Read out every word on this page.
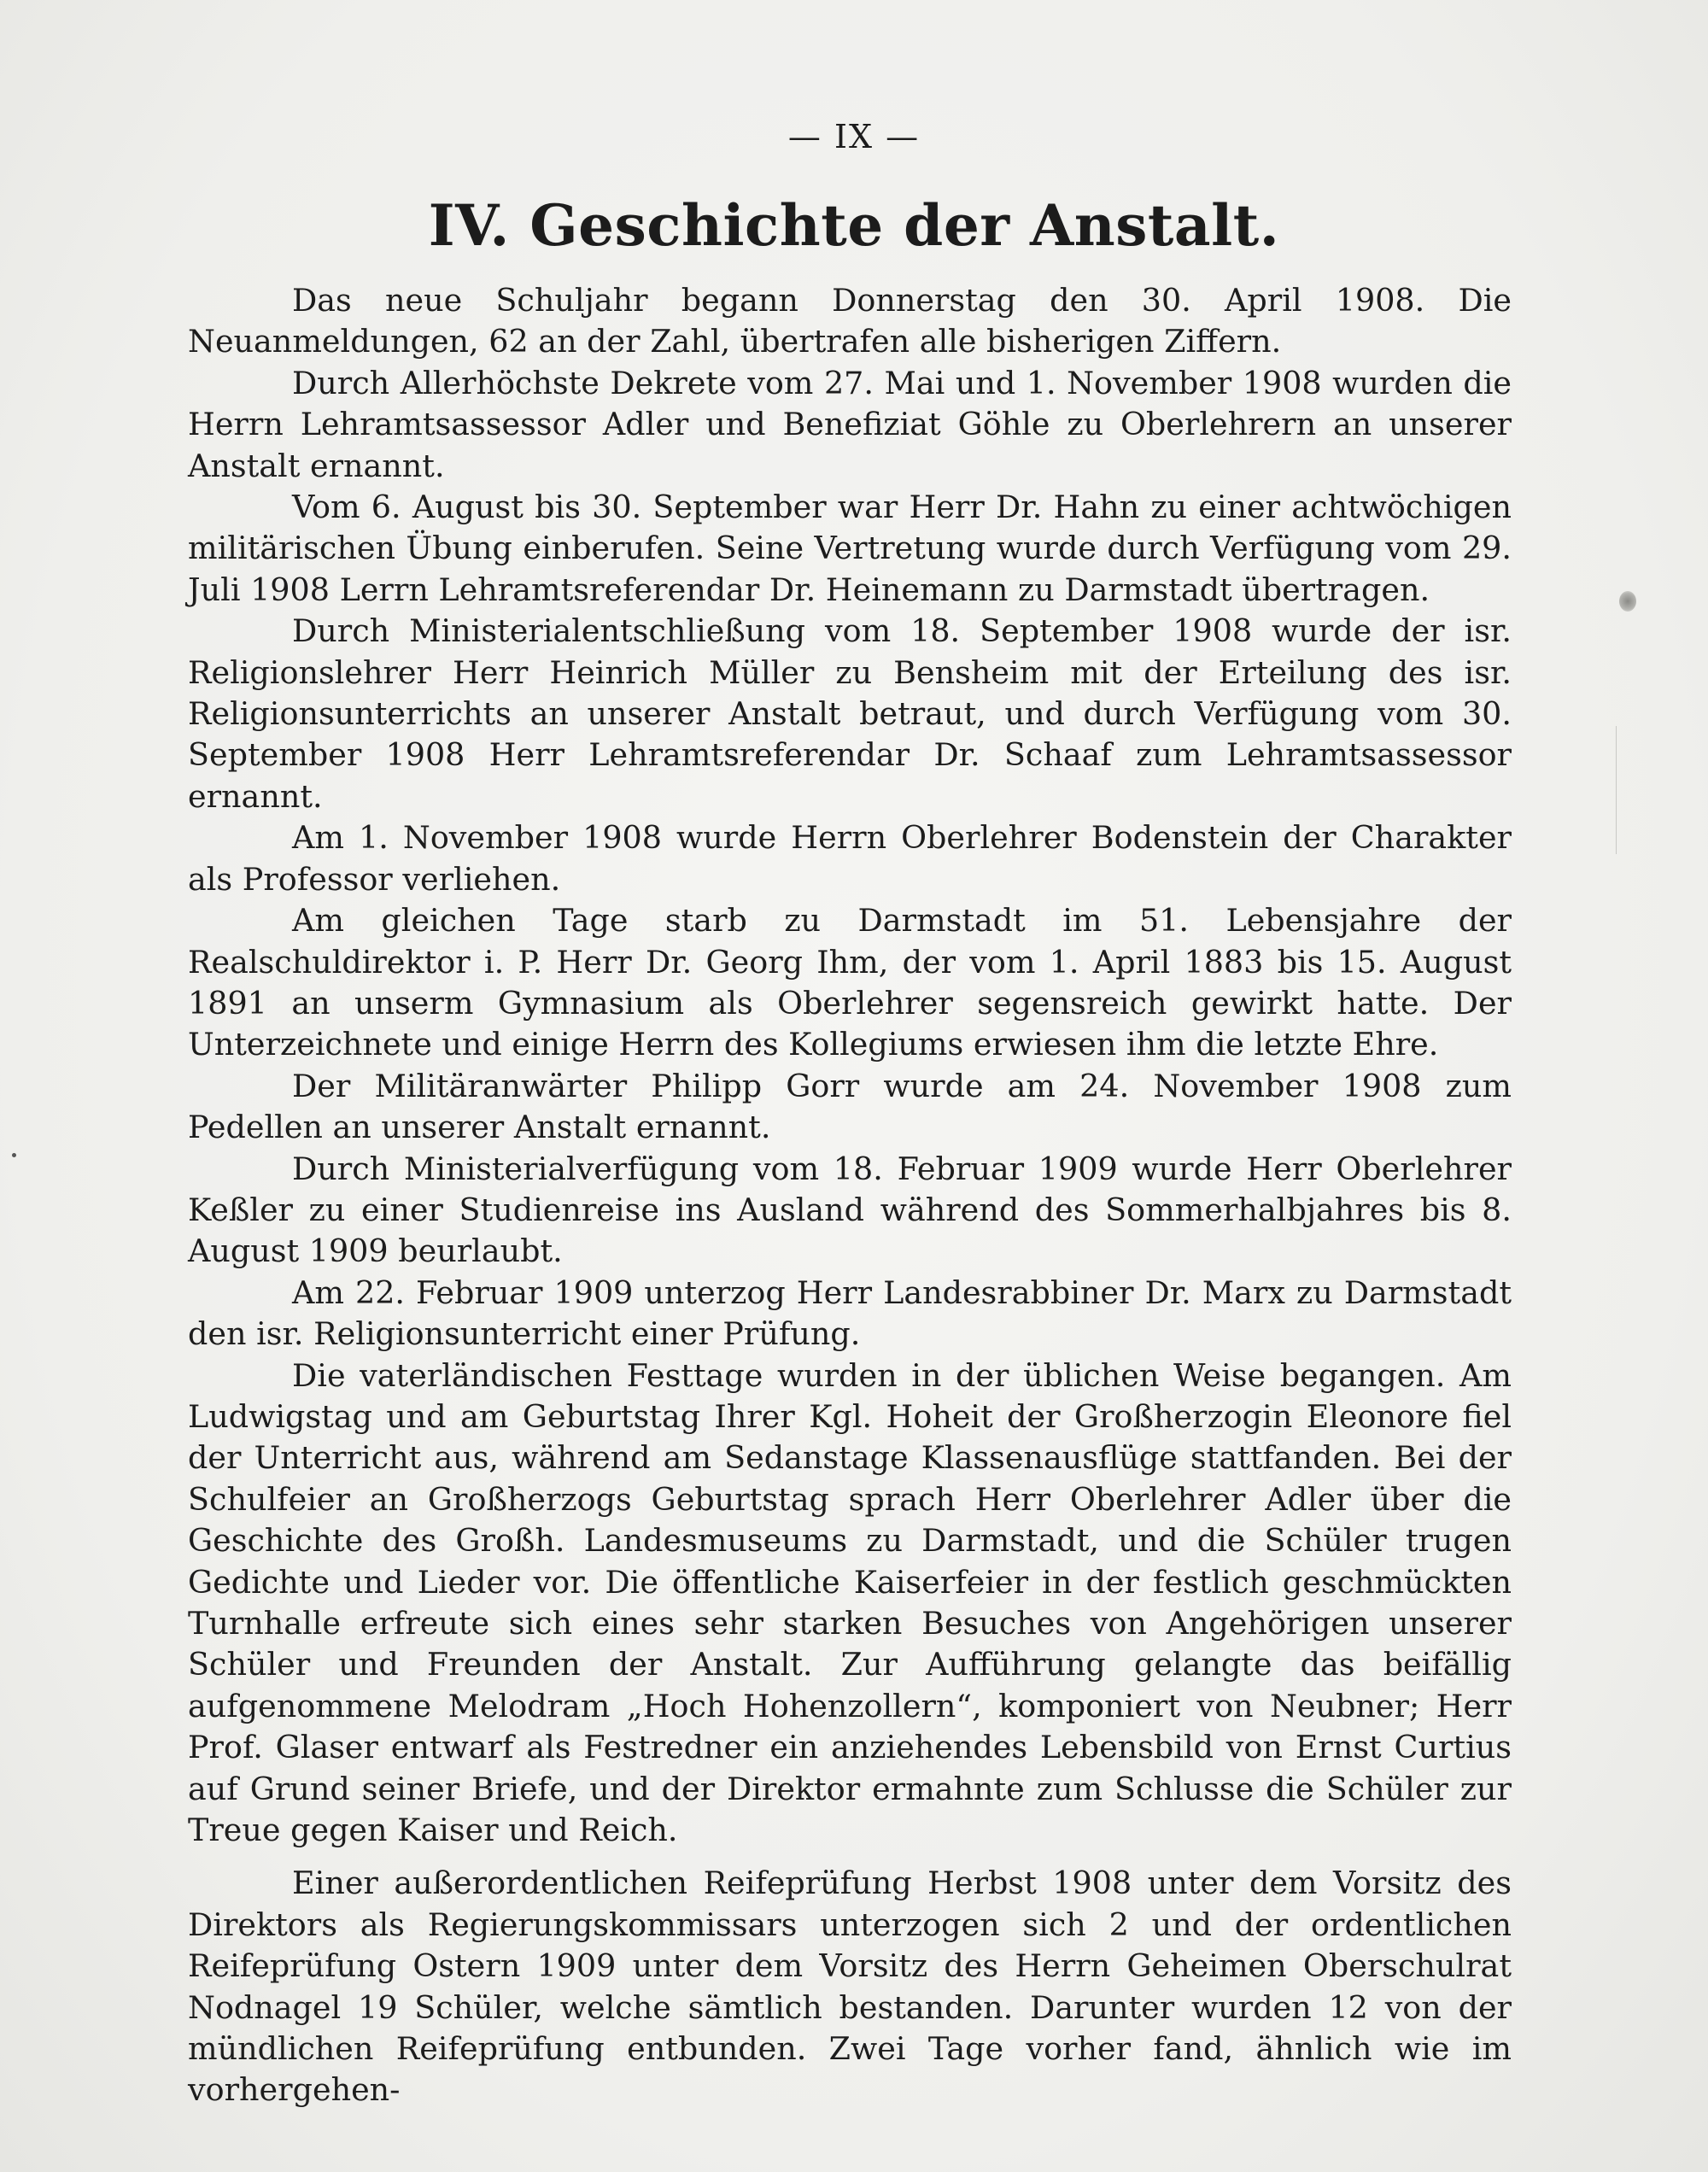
— IX —
IV. Geschichte der Anstalt.

Das neue Schuljahr begann Donnerstag den 30. April 1908. Die Neuanmeldungen, 62 an der Zahl, übertrafen alle bisherigen Ziffern.

Durch Allerhöchste Dekrete vom 27. Mai und 1. November 1908 wurden die Herrn Lehramtsassessor Adler und Benefiziat Göhle zu Oberlehrern an unserer Anstalt ernannt.

Vom 6. August bis 30. September war Herr Dr. Hahn zu einer achtwöchigen militärischen Übung einberufen. Seine Vertretung wurde durch Verfügung vom 29. Juli 1908 Lerrn Lehramtsreferendar Dr. Heinemann zu Darmstadt übertragen.

Durch Ministerialentschließung vom 18. September 1908 wurde der isr. Religionslehrer Herr Heinrich Müller zu Bensheim mit der Erteilung des isr. Religionsunterrichts an unserer Anstalt betraut, und durch Verfügung vom 30. September 1908 Herr Lehramtsreferendar Dr. Schaaf zum Lehramtsassessor ernannt.

Am 1. November 1908 wurde Herrn Oberlehrer Bodenstein der Charakter als Professor verliehen.

Am gleichen Tage starb zu Darmstadt im 51. Lebensjahre der Realschuldirektor i. P. Herr Dr. Georg Ihm, der vom 1. April 1883 bis 15. August 1891 an unserm Gymnasium als Oberlehrer segensreich gewirkt hatte. Der Unterzeichnete und einige Herrn des Kollegiums erwiesen ihm die letzte Ehre.

Der Militäranwärter Philipp Gorr wurde am 24. November 1908 zum Pedellen an unserer Anstalt ernannt.

Durch Ministerialverfügung vom 18. Februar 1909 wurde Herr Oberlehrer Keßler zu einer Studienreise ins Ausland während des Sommerhalbjahres bis 8. August 1909 beurlaubt.

Am 22. Februar 1909 unterzog Herr Landesrabbiner Dr. Marx zu Darmstadt den isr. Religionsunterricht einer Prüfung.

Die vaterländischen Festtage wurden in der üblichen Weise begangen. Am Ludwigstag und am Geburtstag Ihrer Kgl. Hoheit der Großherzogin Eleonore fiel der Unterricht aus, während am Sedanstage Klassenausflüge stattfanden. Bei der Schulfeier an Großherzogs Geburtstag sprach Herr Oberlehrer Adler über die Geschichte des Großh. Landesmuseums zu Darmstadt, und die Schüler trugen Gedichte und Lieder vor. Die öffentliche Kaiserfeier in der festlich geschmückten Turnhalle erfreute sich eines sehr starken Besuches von Angehörigen unserer Schüler und Freunden der Anstalt. Zur Aufführung gelangte das beifällig aufgenommene Melodram „Hoch Hohenzollern“, komponiert von Neubner; Herr Prof. Glaser entwarf als Festredner ein anziehendes Lebensbild von Ernst Curtius auf Grund seiner Briefe, und der Direktor ermahnte zum Schlusse die Schüler zur Treue gegen Kaiser und Reich.

Einer außerordentlichen Reifeprüfung Herbst 1908 unter dem Vorsitz des Direktors als Regierungskommissars unterzogen sich 2 und der ordentlichen Reifeprüfung Ostern 1909 unter dem Vorsitz des Herrn Geheimen Oberschulrat Nodnagel 19 Schüler, welche sämtlich bestanden. Darunter wurden 12 von der mündlichen Reifeprüfung entbunden. Zwei Tage vorher fand, ähnlich wie im vorhergehen-
